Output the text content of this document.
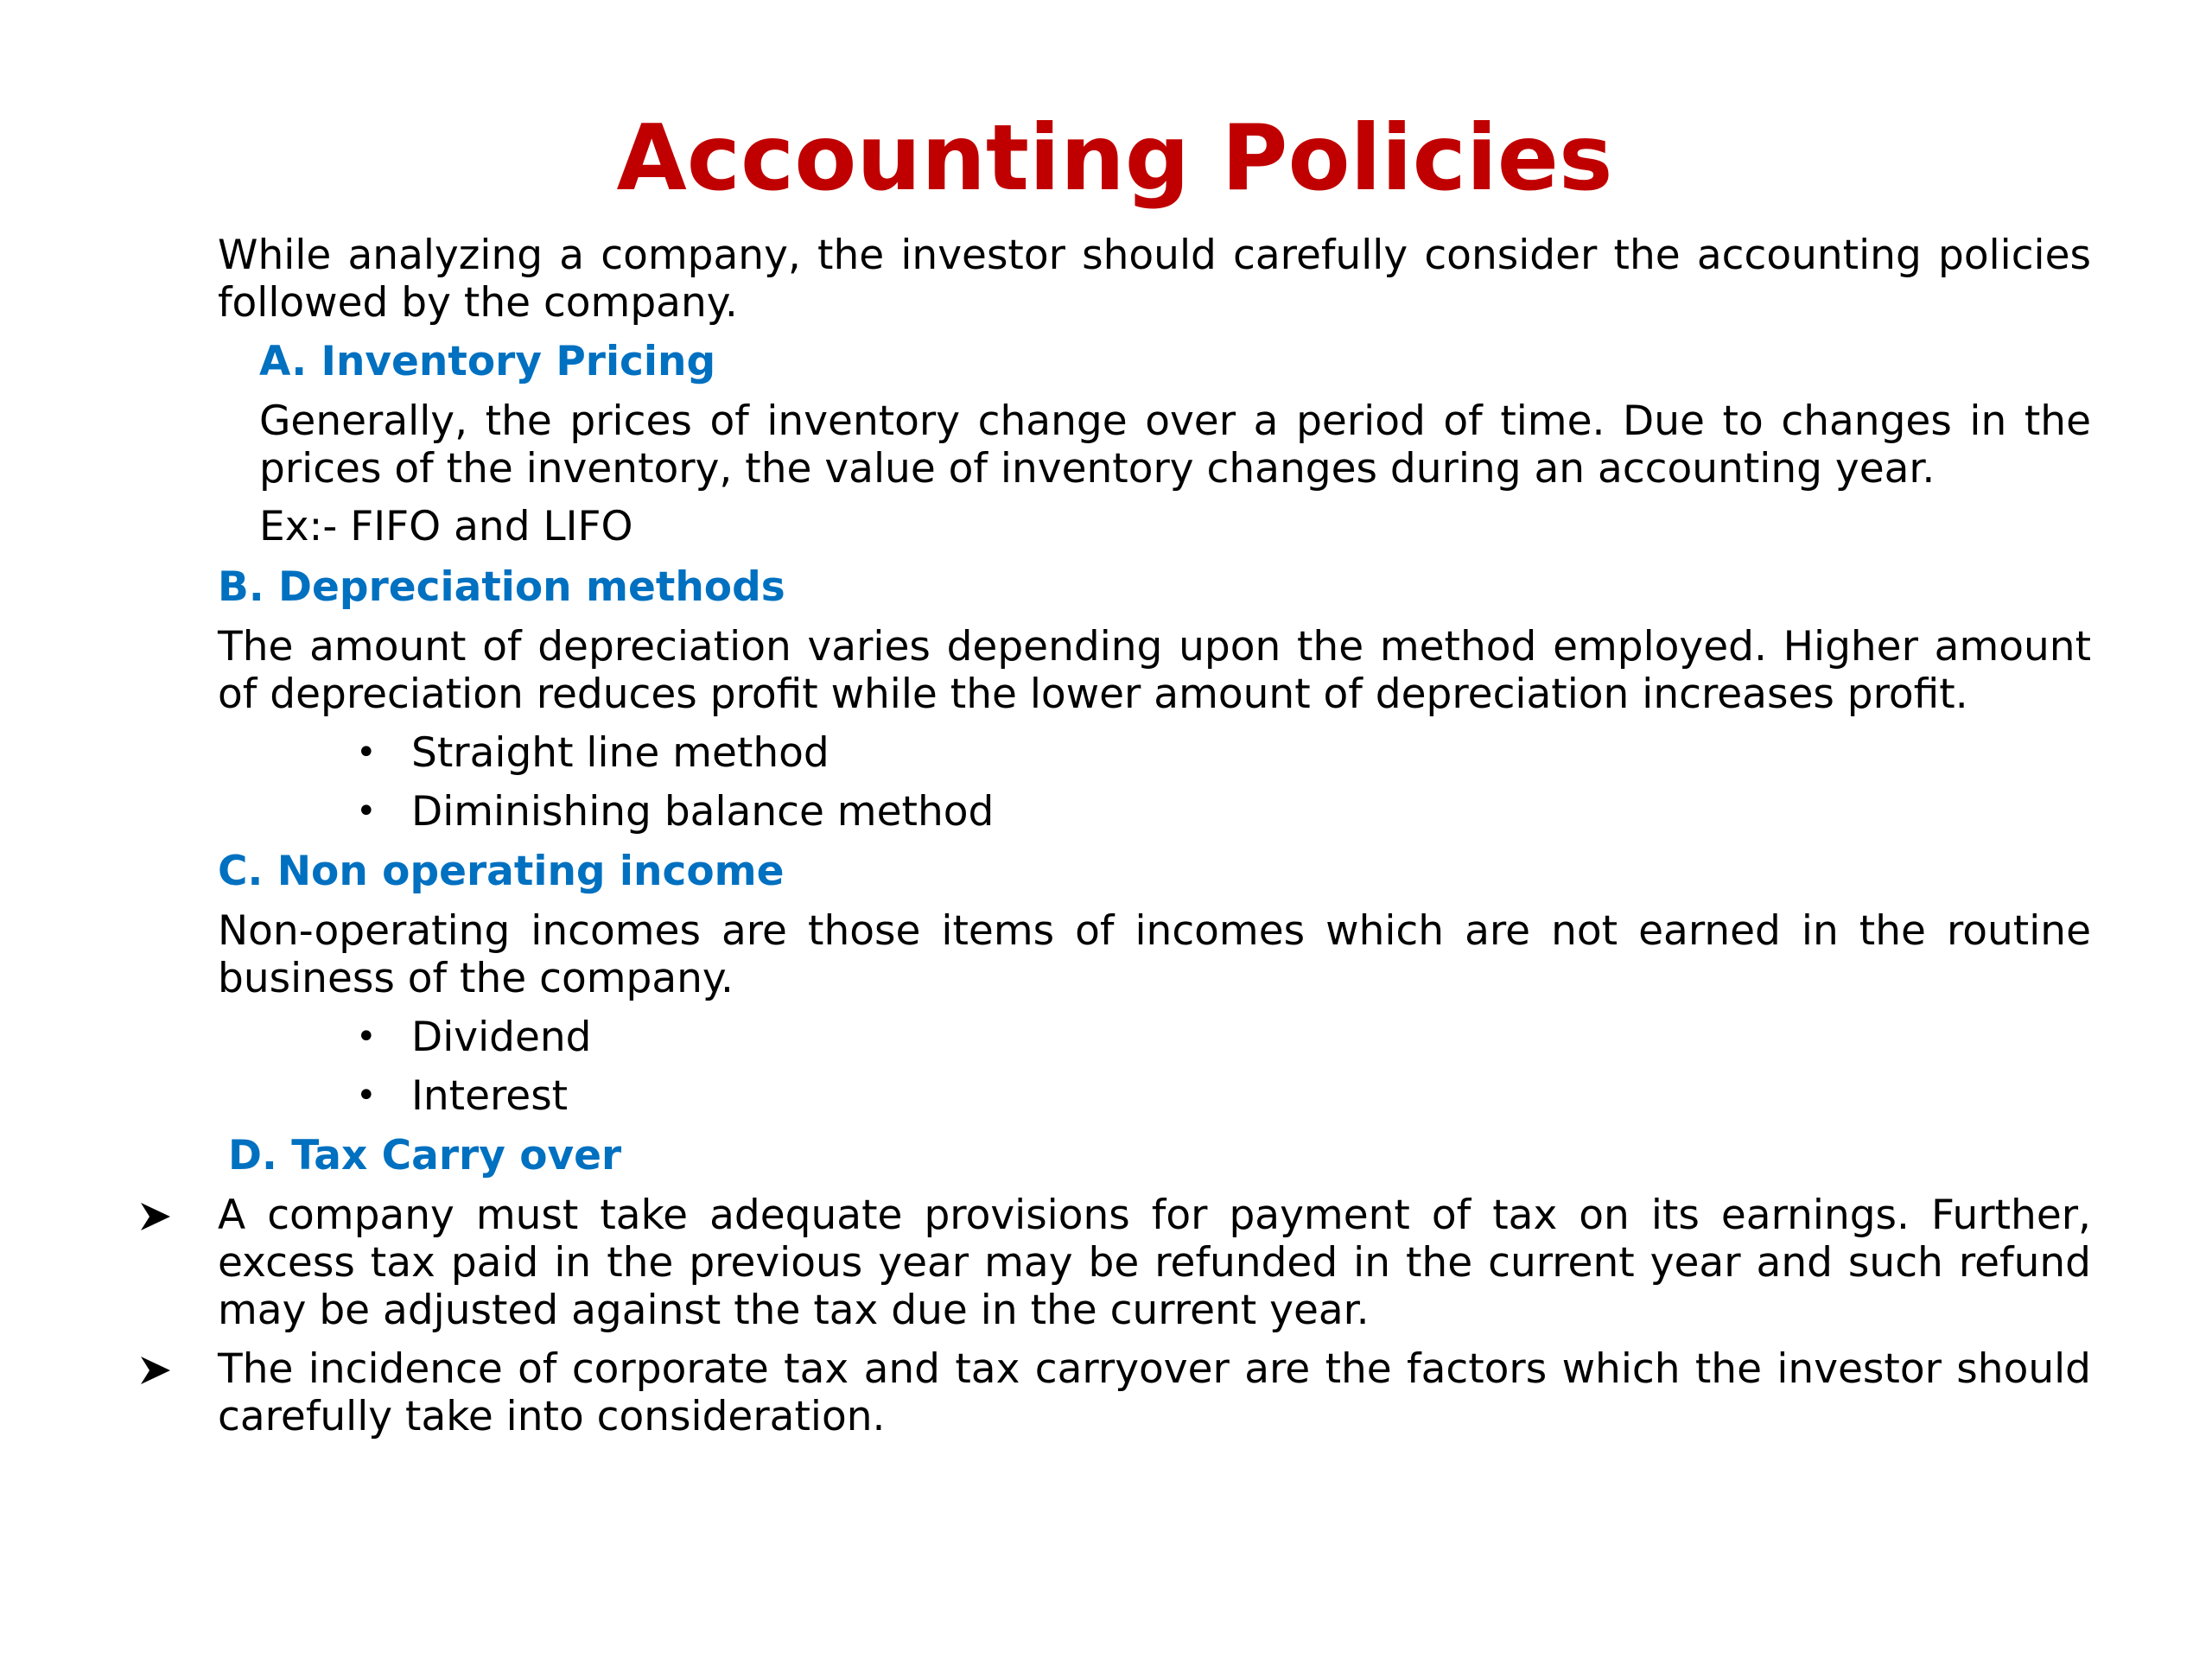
Accounting Policies

While analyzing a company, the investor should carefully consider the accounting policies followed by the company.

A. Inventory Pricing

Generally, the prices of inventory change over a period of time. Due to changes in the prices of the inventory, the value of inventory changes during an accounting year.

Ex:- FIFO and LIFO

B. Depreciation methods

The amount of depreciation varies depending upon the method employed. Higher amount of depreciation reduces profit while the lower amount of depreciation increases profit.

• Straight line method

• Diminishing balance method

C. Non operating income

Non-operating incomes are those items of incomes which are not earned in the routine business of the company.

• Dividend

• Interest

D. Tax Carry over

A company must take adequate provisions for payment of tax on its earnings. Further, excess tax paid in the previous year may be refunded in the current year and such refund may be adjusted against the tax due in the current year.

The incidence of corporate tax and tax carryover are the factors which the investor should carefully take into consideration.
